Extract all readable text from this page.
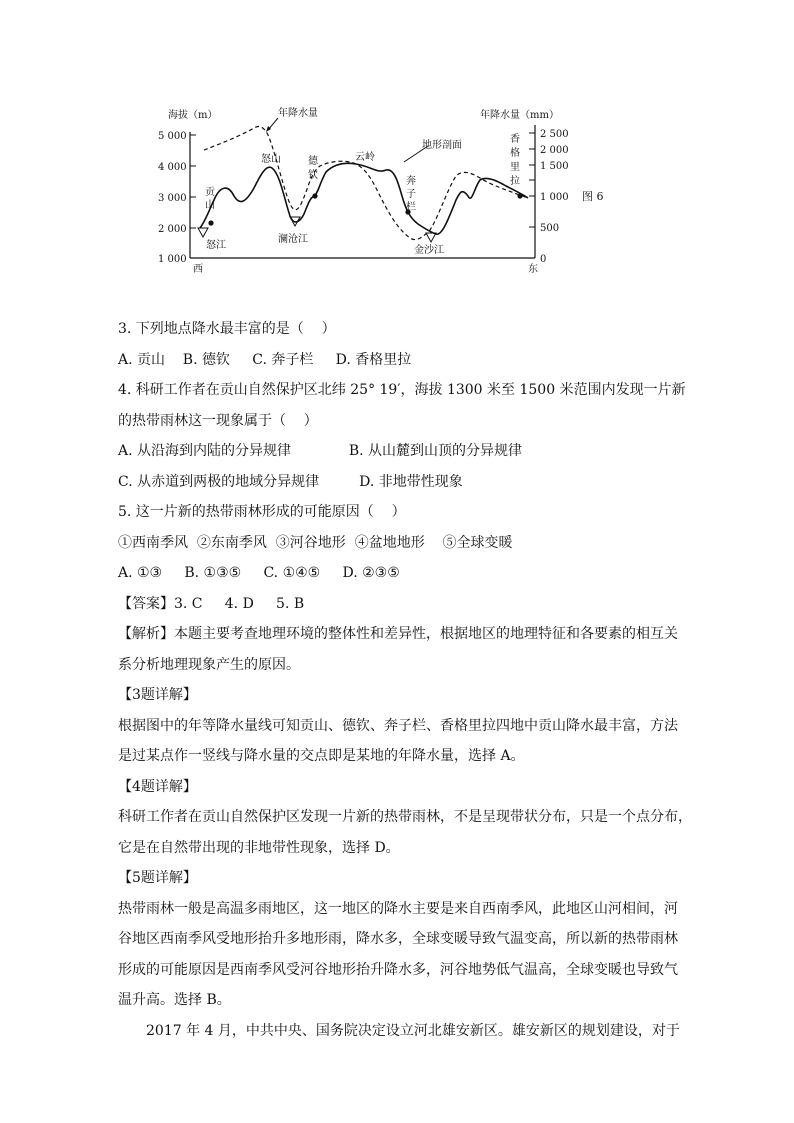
海拔（m）	年降水量（mm）
5 000
4 000
3 000
2 000
1 000
2 500
2 000
1 500
1 000
500
0
西	东
图 6
年降水量
地形剖面
贡
山
怒山	德
钦
云岭
奔
子
栏
香
格
里
拉
怒江
澜沧江
金沙江
3. 下列地点降水最丰富的是（    ）
A. 贡山    B. 德钦     C. 奔子栏     D. 香格里拉
4. 科研工作者在贡山自然保护区北纬 25° 19′，海拔 1300 米至 1500 米范围内发现一片新
的热带雨林这一现象属于（    ）
A. 从沿海到内陆的分异规律             B. 从山麓到山顶的分异规律
C. 从赤道到两极的地域分异规律         D. 非地带性现象
5. 这一片新的热带雨林形成的可能原因（    ）
①西南季风  ②东南季风  ③河谷地形  ④盆地地形    ⑤全球变暖
A. ①③     B. ①③⑤     C. ①④⑤     D. ②③⑤
【答案】3. C     4. D     5. B
【解析】本题主要考查地理环境的整体性和差异性，根据地区的地理特征和各要素的相互关
系分析地理现象产生的原因。
【3题详解】
根据图中的年等降水量线可知贡山、德钦、奔子栏、香格里拉四地中贡山降水最丰富，方法
是过某点作一竖线与降水量的交点即是某地的年降水量，选择 A。
【4题详解】
科研工作者在贡山自然保护区发现一片新的热带雨林，不是呈现带状分布，只是一个点分布，
它是在自然带出现的非地带性现象，选择 D。
【5题详解】
热带雨林一般是高温多雨地区，这一地区的降水主要是来自西南季风，此地区山河相间，河
谷地区西南季风受地形抬升多地形雨，降水多，全球变暖导致气温变高，所以新的热带雨林
形成的可能原因是西南季风受河谷地形抬升降水多，河谷地势低气温高，全球变暖也导致气
温升高。选择 B。
2017 年 4 月，中共中央、国务院决定设立河北雄安新区。雄安新区的规划建设，对于
